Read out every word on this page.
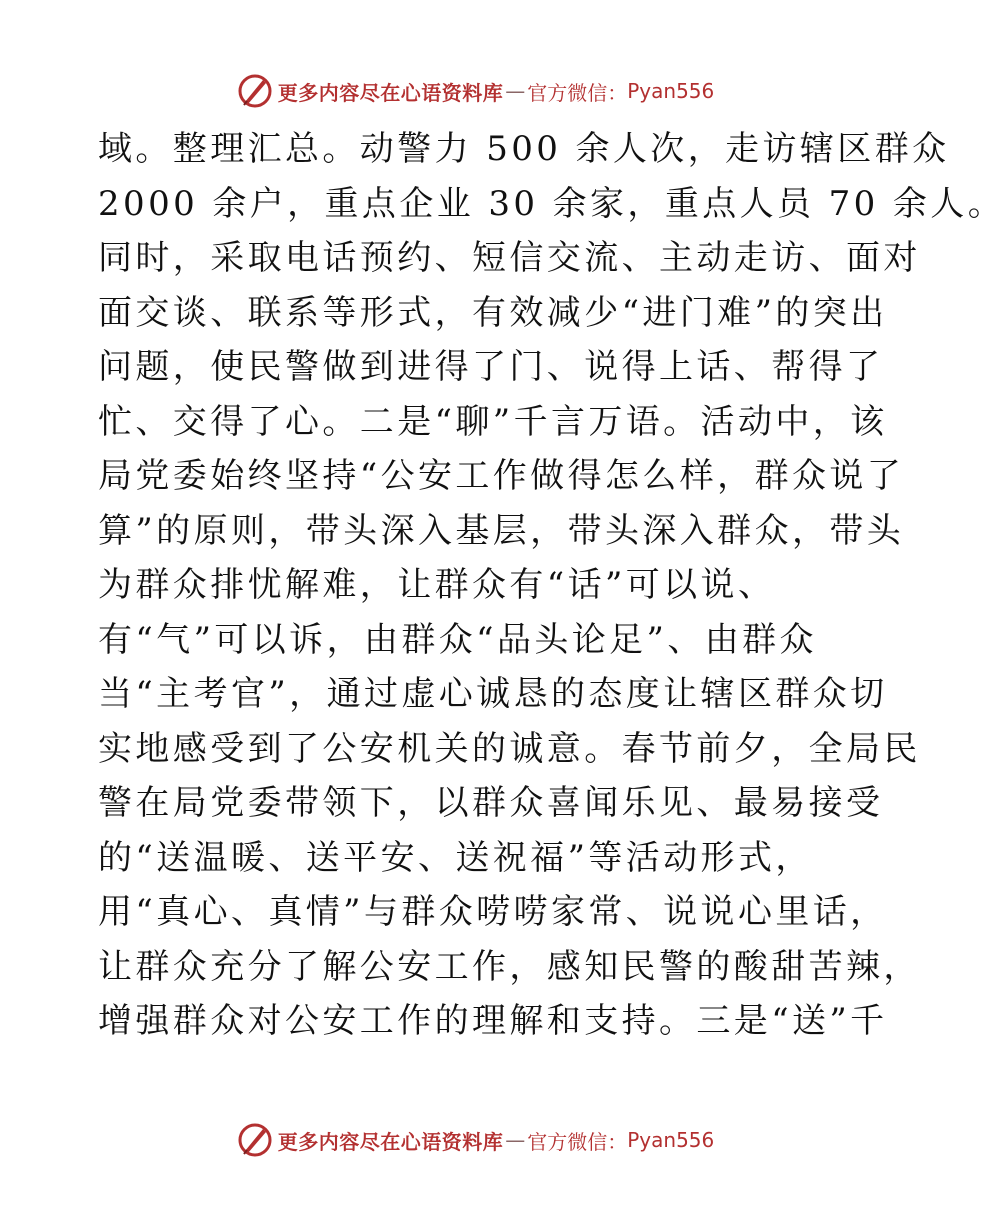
更多内容尽在心语资料库 — 官方微信： Pyan556
域。整理汇总。动警力 500 余人次，走访辖区群众
2000 余户，重点企业 30 余家，重点人员 70 余人。
同时，采取电话预约、短信交流、主动走访、面对
面交谈、联系等形式，有效减少“进门难”的突出
问题，使民警做到进得了门、说得上话、帮得了
忙、交得了心。二是“聊”千言万语。活动中，该
局党委始终坚持“公安工作做得怎么样，群众说了
算”的原则，带头深入基层，带头深入群众，带头
为群众排忧解难，让群众有“话”可以说、
有“气”可以诉，由群众“品头论足”、由群众
当“主考官”，通过虚心诚恳的态度让辖区群众切
实地感受到了公安机关的诚意。春节前夕，全局民
警在局党委带领下，以群众喜闻乐见、最易接受
的“送温暖、送平安、送祝福”等活动形式，
用“真心、真情”与群众唠唠家常、说说心里话，
让群众充分了解公安工作，感知民警的酸甜苦辣，
增强群众对公安工作的理解和支持。三是“送”千
更多内容尽在心语资料库 — 官方微信： Pyan556
